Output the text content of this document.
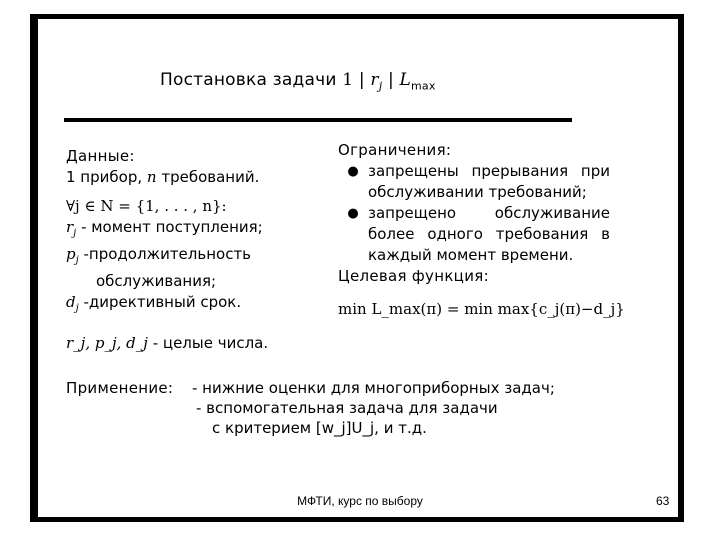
Постановка задачи 1 | $r_j$ | $L_{max}$
Данные:
1 прибор, n требований.
∀j ∈ N = {1, . . . , n}:
$r_j$ - момент поступления;
$p_j$ -продолжительность
обслуживания;
$d_j$ -директивный срок.
r_j, p_j, d_j - целые числа.
Ограничения:
● запрещены прерывания при обслуживании требований;
● запрещено обслуживание более одного требования в каждый момент времени.
Целевая функция:
min L_max(π) = min max{c_j(π)−d_j}
Применение: - нижние оценки для многоприборных задач;
- вспомогательная задача для задачи
с критерием [w_j]U_j, и т.д.
МФТИ, курс по выбору	63
